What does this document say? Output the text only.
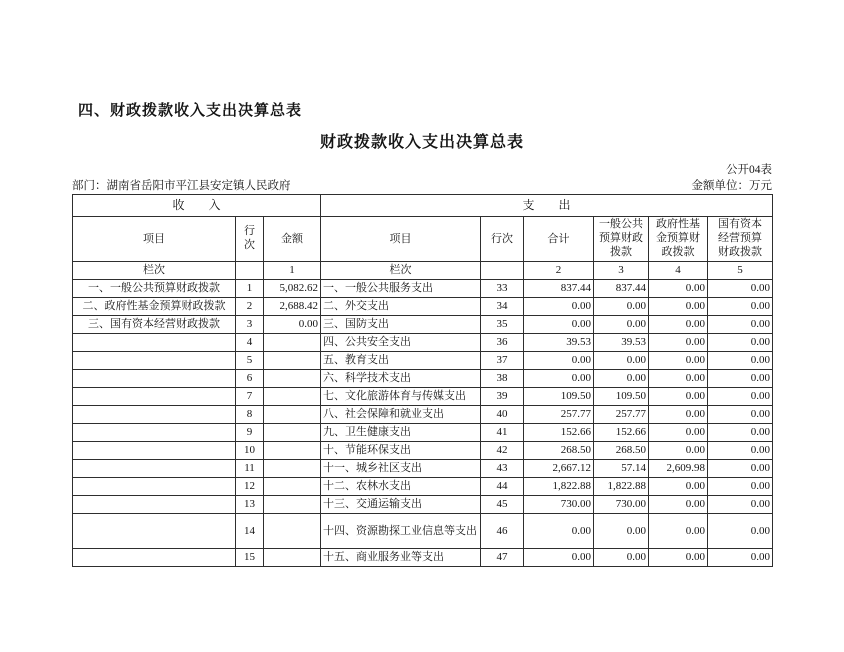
四、财政拨款收入支出决算总表
财政拨款收入支出决算总表
公开04表
部门：湖南省岳阳市平江县安定镇人民政府	金额单位：万元
收　　入			支　　出					
项目	行次	金额	项目	行次	合计	一般公共预算财政拨款	政府性基金预算财政拨款	国有资本经营预算财政拨款
栏次		1	栏次		2	3	4	5
一、一般公共预算财政拨款	1	5,082.62	一、一般公共服务支出	33	837.44	837.44	0.00	0.00
二、政府性基金预算财政拨款	2	2,688.42	二、外交支出	34	0.00	0.00	0.00	0.00
三、国有资本经营财政拨款	3	0.00	三、国防支出	35	0.00	0.00	0.00	0.00
	4		四、公共安全支出	36	39.53	39.53	0.00	0.00
	5		五、教育支出	37	0.00	0.00	0.00	0.00
	6		六、科学技术支出	38	0.00	0.00	0.00	0.00
	7		七、文化旅游体育与传媒支出	39	109.50	109.50	0.00	0.00
	8		八、社会保障和就业支出	40	257.77	257.77	0.00	0.00
	9		九、卫生健康支出	41	152.66	152.66	0.00	0.00
	10		十、节能环保支出	42	268.50	268.50	0.00	0.00
	11		十一、城乡社区支出	43	2,667.12	57.14	2,609.98	0.00
	12		十二、农林水支出	44	1,822.88	1,822.88	0.00	0.00
	13		十三、交通运输支出	45	730.00	730.00	0.00	0.00
	14		十四、资源勘探工业信息等支出	46	0.00	0.00	0.00	0.00
	15		十五、商业服务业等支出	47	0.00	0.00	0.00	0.00
